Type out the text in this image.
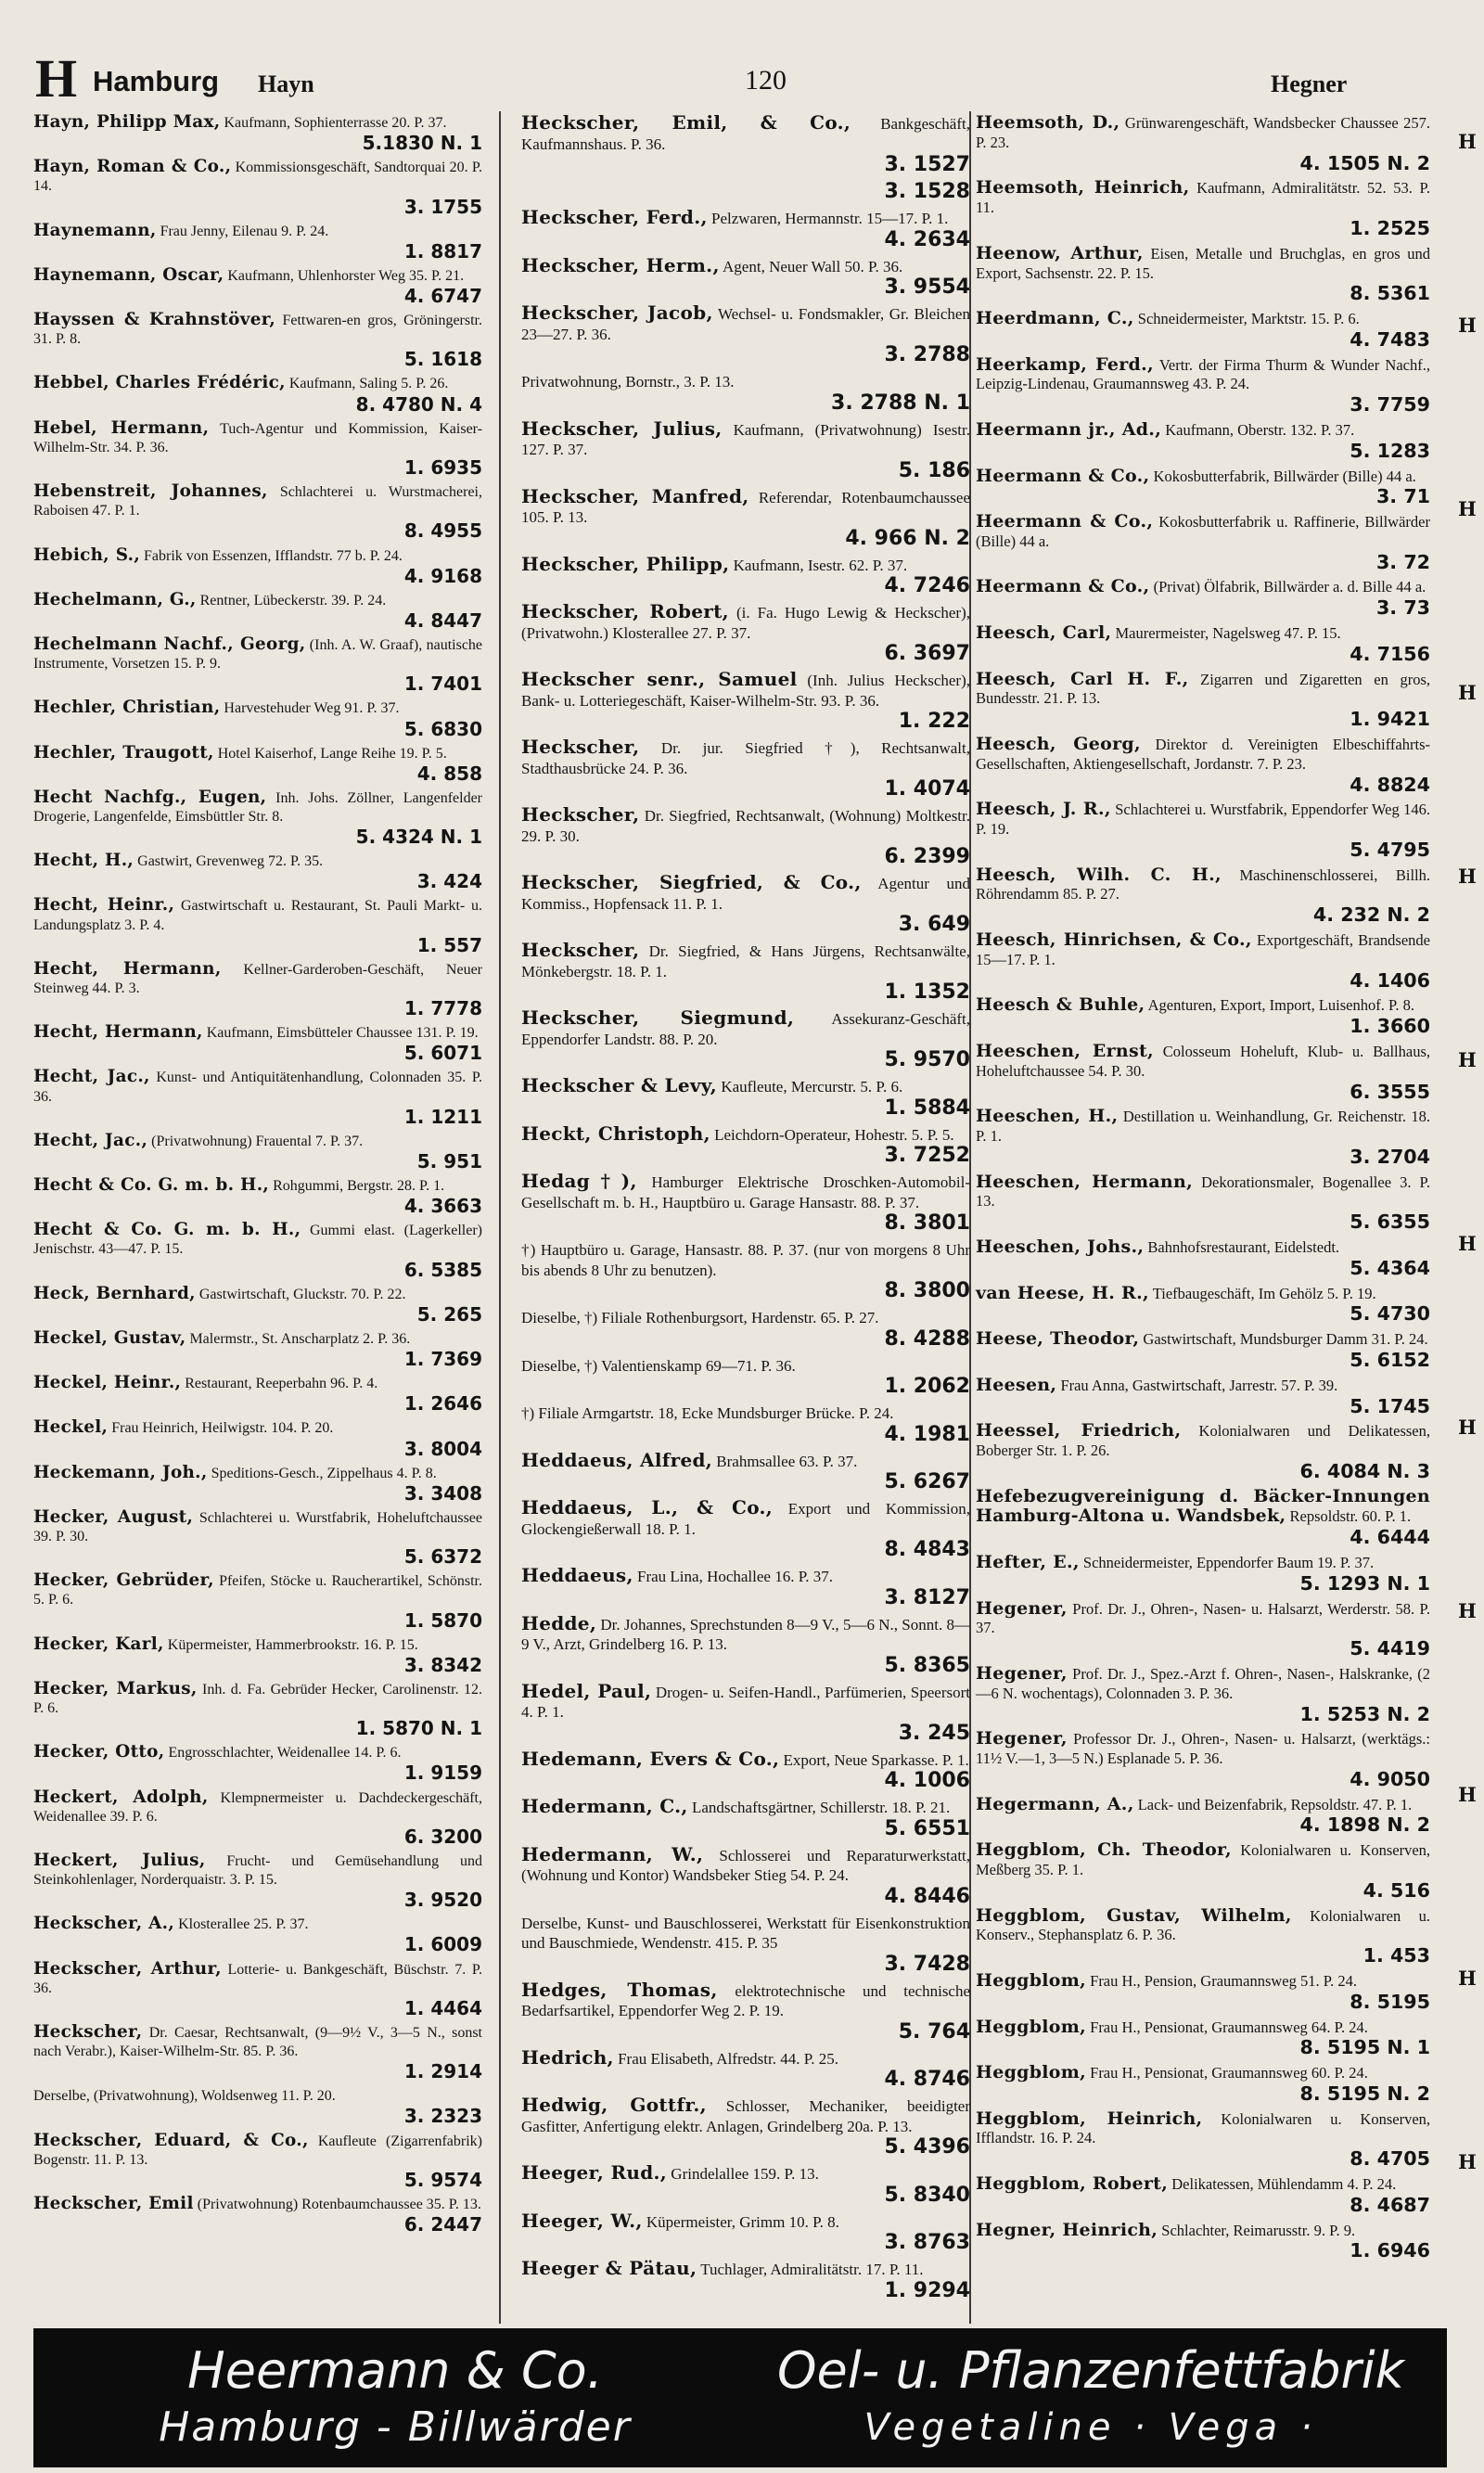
H Hamburg Hayn	120	Hegner

Hayn, Philipp Max, Kaufmann, Sophienterrasse 20. P. 37.
5.1830 N. 1

Hayn, Roman & Co., Kommissionsgeschäft, Sandtorquai 20. P. 14.
3. 1755

Haynemann, Frau Jenny, Eilenau 9. P. 24.
1. 8817

Haynemann, Oscar, Kaufmann, Uhlenhorster Weg 35. P. 21.
4. 6747

Hayssen & Krahnstöver, Fettwaren-en gros, Gröningerstr. 31. P. 8.
5. 1618

Hebbel, Charles Frédéric, Kaufmann, Saling 5. P. 26.
8. 4780 N. 4

Hebel, Hermann, Tuch-Agentur und Kommission, Kaiser-Wilhelm-Str. 34. P. 36.
1. 6935

Hebenstreit, Johannes, Schlachterei u. Wurstmacherei, Raboisen 47. P. 1.
8. 4955

Hebich, S., Fabrik von Essenzen, Ifflandstr. 77 b. P. 24.
4. 9168

Hechelmann, G., Rentner, Lübeckerstr. 39. P. 24.
4. 8447

Hechelmann Nachf., Georg, (Inh. A. W. Graaf), nautische Instrumente, Vorsetzen 15. P. 9.
1. 7401

Hechler, Christian, Harvestehuder Weg 91. P. 37.
5. 6830

Hechler, Traugott, Hotel Kaiserhof, Lange Reihe 19. P. 5.
4. 858

Hecht Nachfg., Eugen, Inh. Johs. Zöllner, Langenfelder Drogerie, Langenfelde, Eimsbüttler Str. 8.
5. 4324 N. 1

Hecht, H., Gastwirt, Grevenweg 72. P. 35.
3. 424

Hecht, Heinr., Gastwirtschaft u. Restaurant, St. Pauli Markt- u. Landungsplatz 3. P. 4.
1. 557

Hecht, Hermann, Kellner-Garderoben-Geschäft, Neuer Steinweg 44. P. 3.
1. 7778

Hecht, Hermann, Kaufmann, Eimsbütteler Chaussee 131. P. 19.
5. 6071

Hecht, Jac., Kunst- und Antiquitätenhandlung, Colonnaden 35. P. 36.
1. 1211

Hecht, Jac., (Privatwohnung) Frauental 7. P. 37.
5. 951

Hecht & Co. G. m. b. H., Rohgummi, Bergstr. 28. P. 1.
4. 3663

Hecht & Co. G. m. b. H., Gummi elast. (Lagerkeller) Jenischstr. 43—47. P. 15.
6. 5385

Heck, Bernhard, Gastwirtschaft, Gluckstr. 70. P. 22.
5. 265

Heckel, Gustav, Malermstr., St. Anscharplatz 2. P. 36.
1. 7369

Heckel, Heinr., Restaurant, Reeperbahn 96. P. 4.
1. 2646

Heckel, Frau Heinrich, Heilwigstr. 104. P. 20.
3. 8004

Heckemann, Joh., Speditions-Gesch., Zippelhaus 4. P. 8.
3. 3408

Hecker, August, Schlachterei u. Wurstfabrik, Hoheluftchaussee 39. P. 30.
5. 6372

Hecker, Gebrüder, Pfeifen, Stöcke u. Raucherartikel, Schönstr. 5. P. 6.
1. 5870

Hecker, Karl, Küpermeister, Hammerbrookstr. 16. P. 15.
3. 8342

Hecker, Markus, Inh. d. Fa. Gebrüder Hecker, Carolinenstr. 12. P. 6.
1. 5870 N. 1

Hecker, Otto, Engrosschlachter, Weidenallee 14. P. 6.
1. 9159

Heckert, Adolph, Klempnermeister u. Dachdeckergeschäft, Weidenallee 39. P. 6.
6. 3200

Heckert, Julius, Frucht- und Gemüsehandlung und Steinkohlenlager, Norderquaistr. 3. P. 15.
3. 9520

Heckscher, A., Klosterallee 25. P. 37.
1. 6009

Heckscher, Arthur, Lotterie- u. Bankgeschäft, Büschstr. 7. P. 36.
1. 4464

Heckscher, Dr. Caesar, Rechtsanwalt, (9—9½ V., 3—5 N., sonst nach Verabr.), Kaiser-Wilhelm-Str. 85. P. 36.
1. 2914

Derselbe, (Privatwohnung), Woldsenweg 11. P. 20.
3. 2323

Heckscher, Eduard, & Co., Kaufleute (Zigarrenfabrik) Bogenstr. 11. P. 13.
5. 9574

Heckscher, Emil (Privatwohnung) Rotenbaumchaussee 35. P. 13.
6. 2447

Heckscher, Emil, & Co., Bankgeschäft, Kaufmannshaus. P. 36.
3. 1527

3. 1528

Heckscher, Ferd., Pelzwaren, Hermannstr. 15—17. P. 1.
4. 2634

Heckscher, Herm., Agent, Neuer Wall 50. P. 36.
3. 9554

Heckscher, Jacob, Wechsel- u. Fondsmakler, Gr. Bleichen 23—27. P. 36.
3. 2788

Privatwohnung, Bornstr., 3. P. 13.
3. 2788 N. 1

Heckscher, Julius, Kaufmann, (Privatwohnung) Isestr. 127. P. 37.
5. 186

Heckscher, Manfred, Referendar, Rotenbaumchaussee 105. P. 13.
4. 966 N. 2

Heckscher, Philipp, Kaufmann, Isestr. 62. P. 37.
4. 7246

Heckscher, Robert, (i. Fa. Hugo Lewig & Heckscher), (Privatwohn.) Klosterallee 27. P. 37.
6. 3697

Heckscher senr., Samuel (Inh. Julius Heckscher), Bank- u. Lotteriegeschäft, Kaiser-Wilhelm-Str. 93. P. 36.
1. 222

Heckscher, Dr. jur. Siegfried †), Rechtsanwalt, Stadthausbrücke 24. P. 36.
1. 4074

Heckscher, Dr. Siegfried, Rechtsanwalt, (Wohnung) Moltkestr. 29. P. 30.
6. 2399

Heckscher, Siegfried, & Co., Agentur und Kommiss., Hopfensack 11. P. 1.
3. 649

Heckscher, Dr. Siegfried, & Hans Jürgens, Rechtsanwälte, Mönkebergstr. 18. P. 1.
1. 1352

Heckscher, Siegmund, Assekuranz-Geschäft, Eppendorfer Landstr. 88. P. 20.
5. 9570

Heckscher & Levy, Kaufleute, Mercurstr. 5. P. 6.
1. 5884

Heckt, Christoph, Leichdorn-Operateur, Hohestr. 5. P. 5.
3. 7252

Hedag†), Hamburger Elektrische Droschken-Automobil-Gesellschaft m. b. H., Hauptbüro u. Garage Hansastr. 88. P. 37.
8. 3801

†) Hauptbüro u. Garage, Hansastr. 88. P. 37. (nur von morgens 8 Uhr bis abends 8 Uhr zu benutzen).
8. 3800

Dieselbe, †) Filiale Rothenburgsort, Hardenstr. 65. P. 27.
8. 4288

Dieselbe, †) Valentienskamp 69—71. P. 36.
1. 2062

†) Filiale Armgartstr. 18, Ecke Mundsburger Brücke. P. 24.
4. 1981

Heddaeus, Alfred, Brahmsallee 63. P. 37.
5. 6267

Heddaeus, L., & Co., Export und Kommission, Glockengießerwall 18. P. 1.
8. 4843

Heddaeus, Frau Lina, Hochallee 16. P. 37.
3. 8127

Hedde, Dr. Johannes, Sprechstunden 8—9 V., 5—6 N., Sonnt. 8—9 V., Arzt, Grindelberg 16. P. 13.
5. 8365

Hedel, Paul, Drogen- u. Seifen-Handl., Parfümerien, Speersort 4. P. 1.
3. 245

Hedemann, Evers & Co., Export, Neue Sparkasse. P. 1.
4. 1006

Hedermann, C., Landschaftsgärtner, Schillerstr. 18. P. 21.
5. 6551

Hedermann, W., Schlosserei und Reparaturwerkstatt, (Wohnung und Kontor) Wandsbeker Stieg 54. P. 24.
4. 8446

Derselbe, Kunst- und Bauschlosserei, Werkstatt für Eisenkonstruktion und Bauschmiede, Wendenstr. 415. P. 35
3. 7428

Hedges, Thomas, elektrotechnische und technische Bedarfsartikel, Eppendorfer Weg 2. P. 19.
5. 764

Hedrich, Frau Elisabeth, Alfredstr. 44. P. 25.
4. 8746

Hedwig, Gottfr., Schlosser, Mechaniker, beeidigter Gasfitter, Anfertigung elektr. Anlagen, Grindelberg 20a. P. 13.
5. 4396

Heeger, Rud., Grindelallee 159. P. 13.
5. 8340

Heeger, W., Küpermeister, Grimm 10. P. 8.
3. 8763

Heeger & Pätau, Tuchlager, Admiralitätstr. 17. P. 11.
1. 9294

Heemsoth, D., Grünwarengeschäft, Wandsbecker Chaussee 257. P. 23.
4. 1505 N. 2

Heemsoth, Heinrich, Kaufmann, Admiralitätstr. 52. 53. P. 11.
1. 2525

Heenow, Arthur, Eisen, Metalle und Bruchglas, en gros und Export, Sachsenstr. 22. P. 15.
8. 5361

Heerdmann, C., Schneidermeister, Marktstr. 15. P. 6.
4. 7483

Heerkamp, Ferd., Vertr. der Firma Thurm & Wunder Nachf., Leipzig-Lindenau, Graumannsweg 43. P. 24.
3. 7759

Heermann jr., Ad., Kaufmann, Oberstr. 132. P. 37.
5. 1283

Heermann & Co., Kokosbutterfabrik, Billwärder (Bille) 44 a.
3. 71

Heermann & Co., Kokosbutterfabrik u. Raffinerie, Billwärder (Bille) 44 a.
3. 72

Heermann & Co., (Privat) Ölfabrik, Billwärder a. d. Bille 44 a.
3. 73

Heesch, Carl, Maurermeister, Nagelsweg 47. P. 15.
4. 7156

Heesch, Carl H. F., Zigarren und Zigaretten en gros, Bundesstr. 21. P. 13.
1. 9421

Heesch, Georg, Direktor d. Vereinigten Elbeschiffahrts-Gesellschaften, Aktiengesellschaft, Jordanstr. 7. P. 23.
4. 8824

Heesch, J. R., Schlachterei u. Wurstfabrik, Eppendorfer Weg 146. P. 19.
5. 4795

Heesch, Wilh. C. H., Maschinenschlosserei, Billh. Röhrendamm 85. P. 27.
4. 232 N. 2

Heesch, Hinrichsen, & Co., Exportgeschäft, Brandsende 15—17. P. 1.
4. 1406

Heesch & Buhle, Agenturen, Export, Import, Luisenhof. P. 8.
1. 3660

Heeschen, Ernst, Colosseum Hoheluft, Klub- u. Ballhaus, Hoheluftchaussee 54. P. 30.
6. 3555

Heeschen, H., Destillation u. Weinhandlung, Gr. Reichenstr. 18. P. 1.
3. 2704

Heeschen, Hermann, Dekorationsmaler, Bogenallee 3. P. 13.
5. 6355

Heeschen, Johs., Bahnhofsrestaurant, Eidelstedt.
5. 4364

van Heese, H. R., Tiefbaugeschäft, Im Gehölz 5. P. 19.
5. 4730

Heese, Theodor, Gastwirtschaft, Mundsburger Damm 31. P. 24.
5. 6152

Heesen, Frau Anna, Gastwirtschaft, Jarrestr. 57. P. 39.
5. 1745

Heessel, Friedrich, Kolonialwaren und Delikatessen, Boberger Str. 1. P. 26.
6. 4084 N. 3

Hefebezugvereinigung d. Bäcker-Innungen Hamburg-Altona u. Wandsbek, Repsoldstr. 60. P. 1.
4. 6444

Hefter, E., Schneidermeister, Eppendorfer Baum 19. P. 37.
5. 1293 N. 1

Hegener, Prof. Dr. J., Ohren-, Nasen- u. Halsarzt, Werderstr. 58. P. 37.
5. 4419

Hegener, Prof. Dr. J., Spez.-Arzt f. Ohren-, Nasen-, Halskranke, (2—6 N. wochentags), Colonnaden 3. P. 36.
1. 5253 N. 2

Hegener, Professor Dr. J., Ohren-, Nasen- u. Halsarzt, (werktägs.: 11½ V.—1, 3—5 N.) Esplanade 5. P. 36.
4. 9050

Hegermann, A., Lack- und Beizenfabrik, Repsoldstr. 47. P. 1.
4. 1898 N. 2

Heggblom, Ch. Theodor, Kolonialwaren u. Konserven, Meßberg 35. P. 1.
4. 516

Heggblom, Gustav, Wilhelm, Kolonialwaren u. Konserv., Stephansplatz 6. P. 36.
1. 453

Heggblom, Frau H., Pension, Graumannsweg 51. P. 24.
8. 5195

Heggblom, Frau H., Pensionat, Graumannsweg 64. P. 24.
8. 5195 N. 1

Heggblom, Frau H., Pensionat, Graumannsweg 60. P. 24.
8. 5195 N. 2

Heggblom, Heinrich, Kolonialwaren u. Konserven, Ifflandstr. 16. P. 24.
8. 4705

Heggblom, Robert, Delikatessen, Mühlendamm 4. P. 24.
8. 4687

Hegner, Heinrich, Schlachter, Reimarusstr. 9. P. 9.
1. 6946

H
H
H
H
H
H
H
H
H
H
H
H
Heermann & Co.
Hamburg - Billwärder
Oel- u. Pflanzenfettfabrik
Vegetaline · Vega ·
